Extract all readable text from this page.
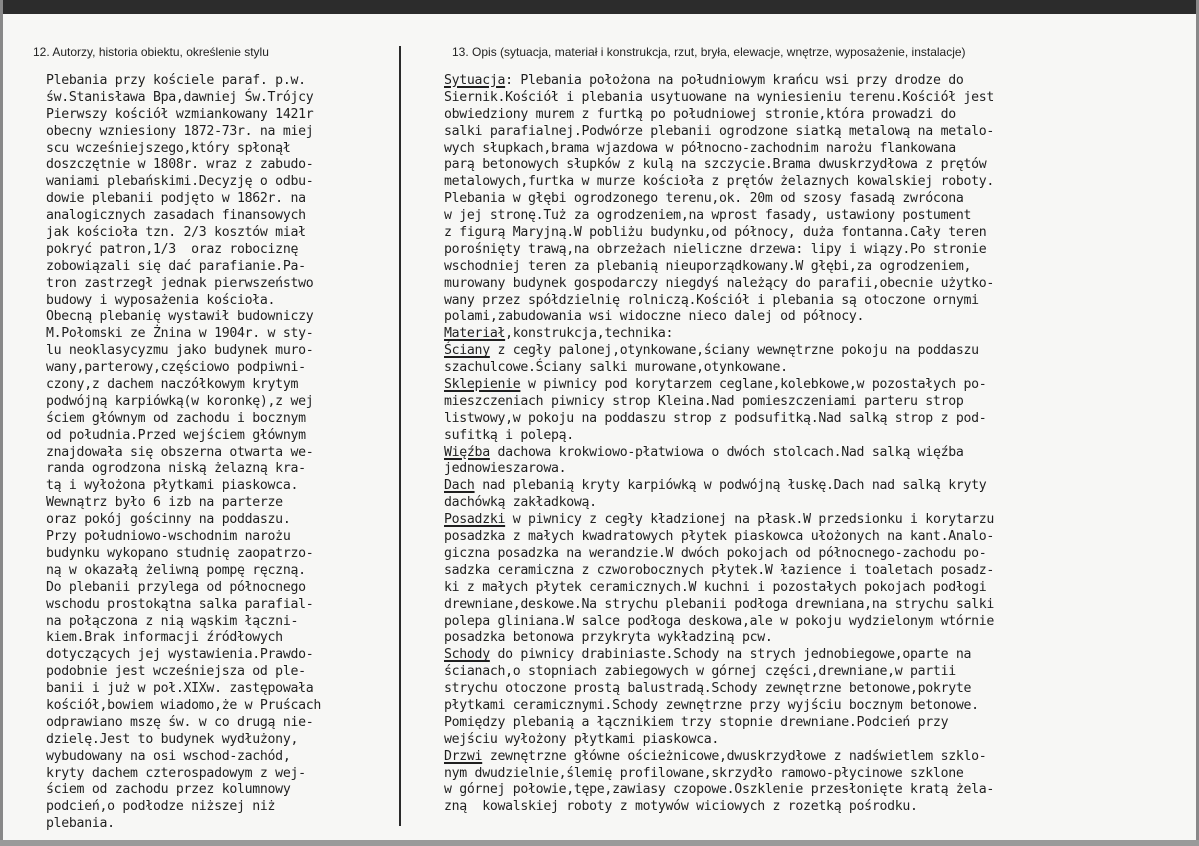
12. Autorzy, historia obiektu, określenie stylu	13. Opis (sytuacja, materiał i konstrukcja, rzut, bryła, elewacje, wnętrze, wyposażenie, instalacje)
Plebania przy kościele paraf. p.w.
św.Stanisława Bpa,dawniej Św.Trójcy
Pierwszy kościół wzmiankowany 1421r
obecny wzniesiony 1872-73r. na miej
scu wcześniejszego,który spłonął
doszczętnie w 1808r. wraz z zabudo-
waniami plebańskimi.Decyzję o odbu-
dowie plebanii podjęto w 1862r. na
analogicznych zasadach finansowych
jak kościoła tzn. 2/3 kosztów miał
pokryć patron,1/3  oraz robociznę
zobowiązali się dać parafianie.Pa-
tron zastrzegł jednak pierwszeństwo
budowy i wyposażenia kościoła.
Obecną plebanię wystawił budowniczy
M.Połomski ze Żnina w 1904r. w sty-
lu neoklasycyzmu jako budynek muro-
wany,parterowy,częściowo podpiwni-
czony,z dachem naczółkowym krytym
podwójną karpiówką(w koronkę),z wej
ściem głównym od zachodu i bocznym
od południa.Przed wejściem głównym
znajdowała się obszerna otwarta we-
randa ogrodzona niską żelazną kra-
tą i wyłożona płytkami piaskowca.
Wewnątrz było 6 izb na parterze
oraz pokój gościnny na poddaszu.
Przy południowo-wschodnim narożu
budynku wykopano studnię zaopatrzo-
ną w okazałą żeliwną pompę ręczną.
Do plebanii przylega od północnego
wschodu prostokątna salka parafial-
na połączona z nią wąskim łączni-
kiem.Brak informacji źródłowych
dotyczących jej wystawienia.Prawdo-
podobnie jest wcześniejsza od ple-
banii i już w poł.XIXw. zastępowała
kościół,bowiem wiadomo,że w Pruścach
odprawiano mszę św. w co drugą nie-
dzielę.Jest to budynek wydłużony,
wybudowany na osi wschod-zachód,
kryty dachem czterospadowym z wej-
ściem od zachodu przez kolumnowy
podcień,o podłodze niższej niż
plebania.
Sytuacja: Plebania położona na południowym krańcu wsi przy drodze do
Siernik.Kościół i plebania usytuowane na wyniesieniu terenu.Kościół jest
obwiedziony murem z furtką po południowej stronie,która prowadzi do
salki parafialnej.Podwórze plebanii ogrodzone siatką metalową na metalo-
wych słupkach,brama wjazdowa w północno-zachodnim narożu flankowana
parą betonowych słupków z kulą na szczycie.Brama dwuskrzydłowa z prętów
metalowych,furtka w murze kościoła z prętów żelaznych kowalskiej roboty.
Plebania w głębi ogrodzonego terenu,ok. 20m od szosy fasadą zwrócona
w jej stronę.Tuż za ogrodzeniem,na wprost fasady, ustawiony postument
z figurą Maryjną.W pobliżu budynku,od północy, duża fontanna.Cały teren
porośnięty trawą,na obrzeżach nieliczne drzewa: lipy i wiązy.Po stronie
wschodniej teren za plebanią nieuporządkowany.W głębi,za ogrodzeniem,
murowany budynek gospodarczy niegdyś należący do parafii,obecnie użytko-
wany przez spółdzielnię rolniczą.Kościół i plebania są otoczone ornymi
polami,zabudowania wsi widoczne nieco dalej od północy.
Materiał,konstrukcja,technika:
Ściany z cegły palonej,otynkowane,ściany wewnętrzne pokoju na poddaszu
szachulcowe.Ściany salki murowane,otynkowane.
Sklepienie w piwnicy pod korytarzem ceglane,kolebkowe,w pozostałych po-
mieszczeniach piwnicy strop Kleina.Nad pomieszczeniami parteru strop
listwowy,w pokoju na poddaszu strop z podsufitką.Nad salką strop z pod-
sufitką i polepą.
Więźba dachowa krokwiowo-płatwiowa o dwóch stolcach.Nad salką więźba
jednowieszarowa.
Dach nad plebanią kryty karpiówką w podwójną łuskę.Dach nad salką kryty
dachówką zakładkową.
Posadzki w piwnicy z cegły kładzionej na płask.W przedsionku i korytarzu
posadzka z małych kwadratowych płytek piaskowca ułożonych na kant.Analo-
giczna posadzka na werandzie.W dwóch pokojach od północnego-zachodu po-
sadzka ceramiczna z czworobocznych płytek.W łazience i toaletach posadz-
ki z małych płytek ceramicznych.W kuchni i pozostałych pokojach podłogi
drewniane,deskowe.Na strychu plebanii podłoga drewniana,na strychu salki
polepa gliniana.W salce podłoga deskowa,ale w pokoju wydzielonym wtórnie
posadzka betonowa przykryta wykładziną pcw.
Schody do piwnicy drabiniaste.Schody na strych jednobiegowe,oparte na
ścianach,o stopniach zabiegowych w górnej części,drewniane,w partii
strychu otoczone prostą balustradą.Schody zewnętrzne betonowe,pokryte
płytkami ceramicznymi.Schody zewnętrzne przy wyjściu bocznym betonowe.
Pomiędzy plebanią a łącznikiem trzy stopnie drewniane.Podcień przy
wejściu wyłożony płytkami piaskowca.
Drzwi zewnętrzne główne ościeżnicowe,dwuskrzydłowe z nadświetlem szklo-
nym dwudzielnie,ślemię profilowane,skrzydło ramowo-płycinowe szklone
w górnej połowie,tępe,zawiasy czopowe.Oszklenie przesłonięte kratą żela-
zną  kowalskiej roboty z motywów wiciowych z rozetką pośrodku.
